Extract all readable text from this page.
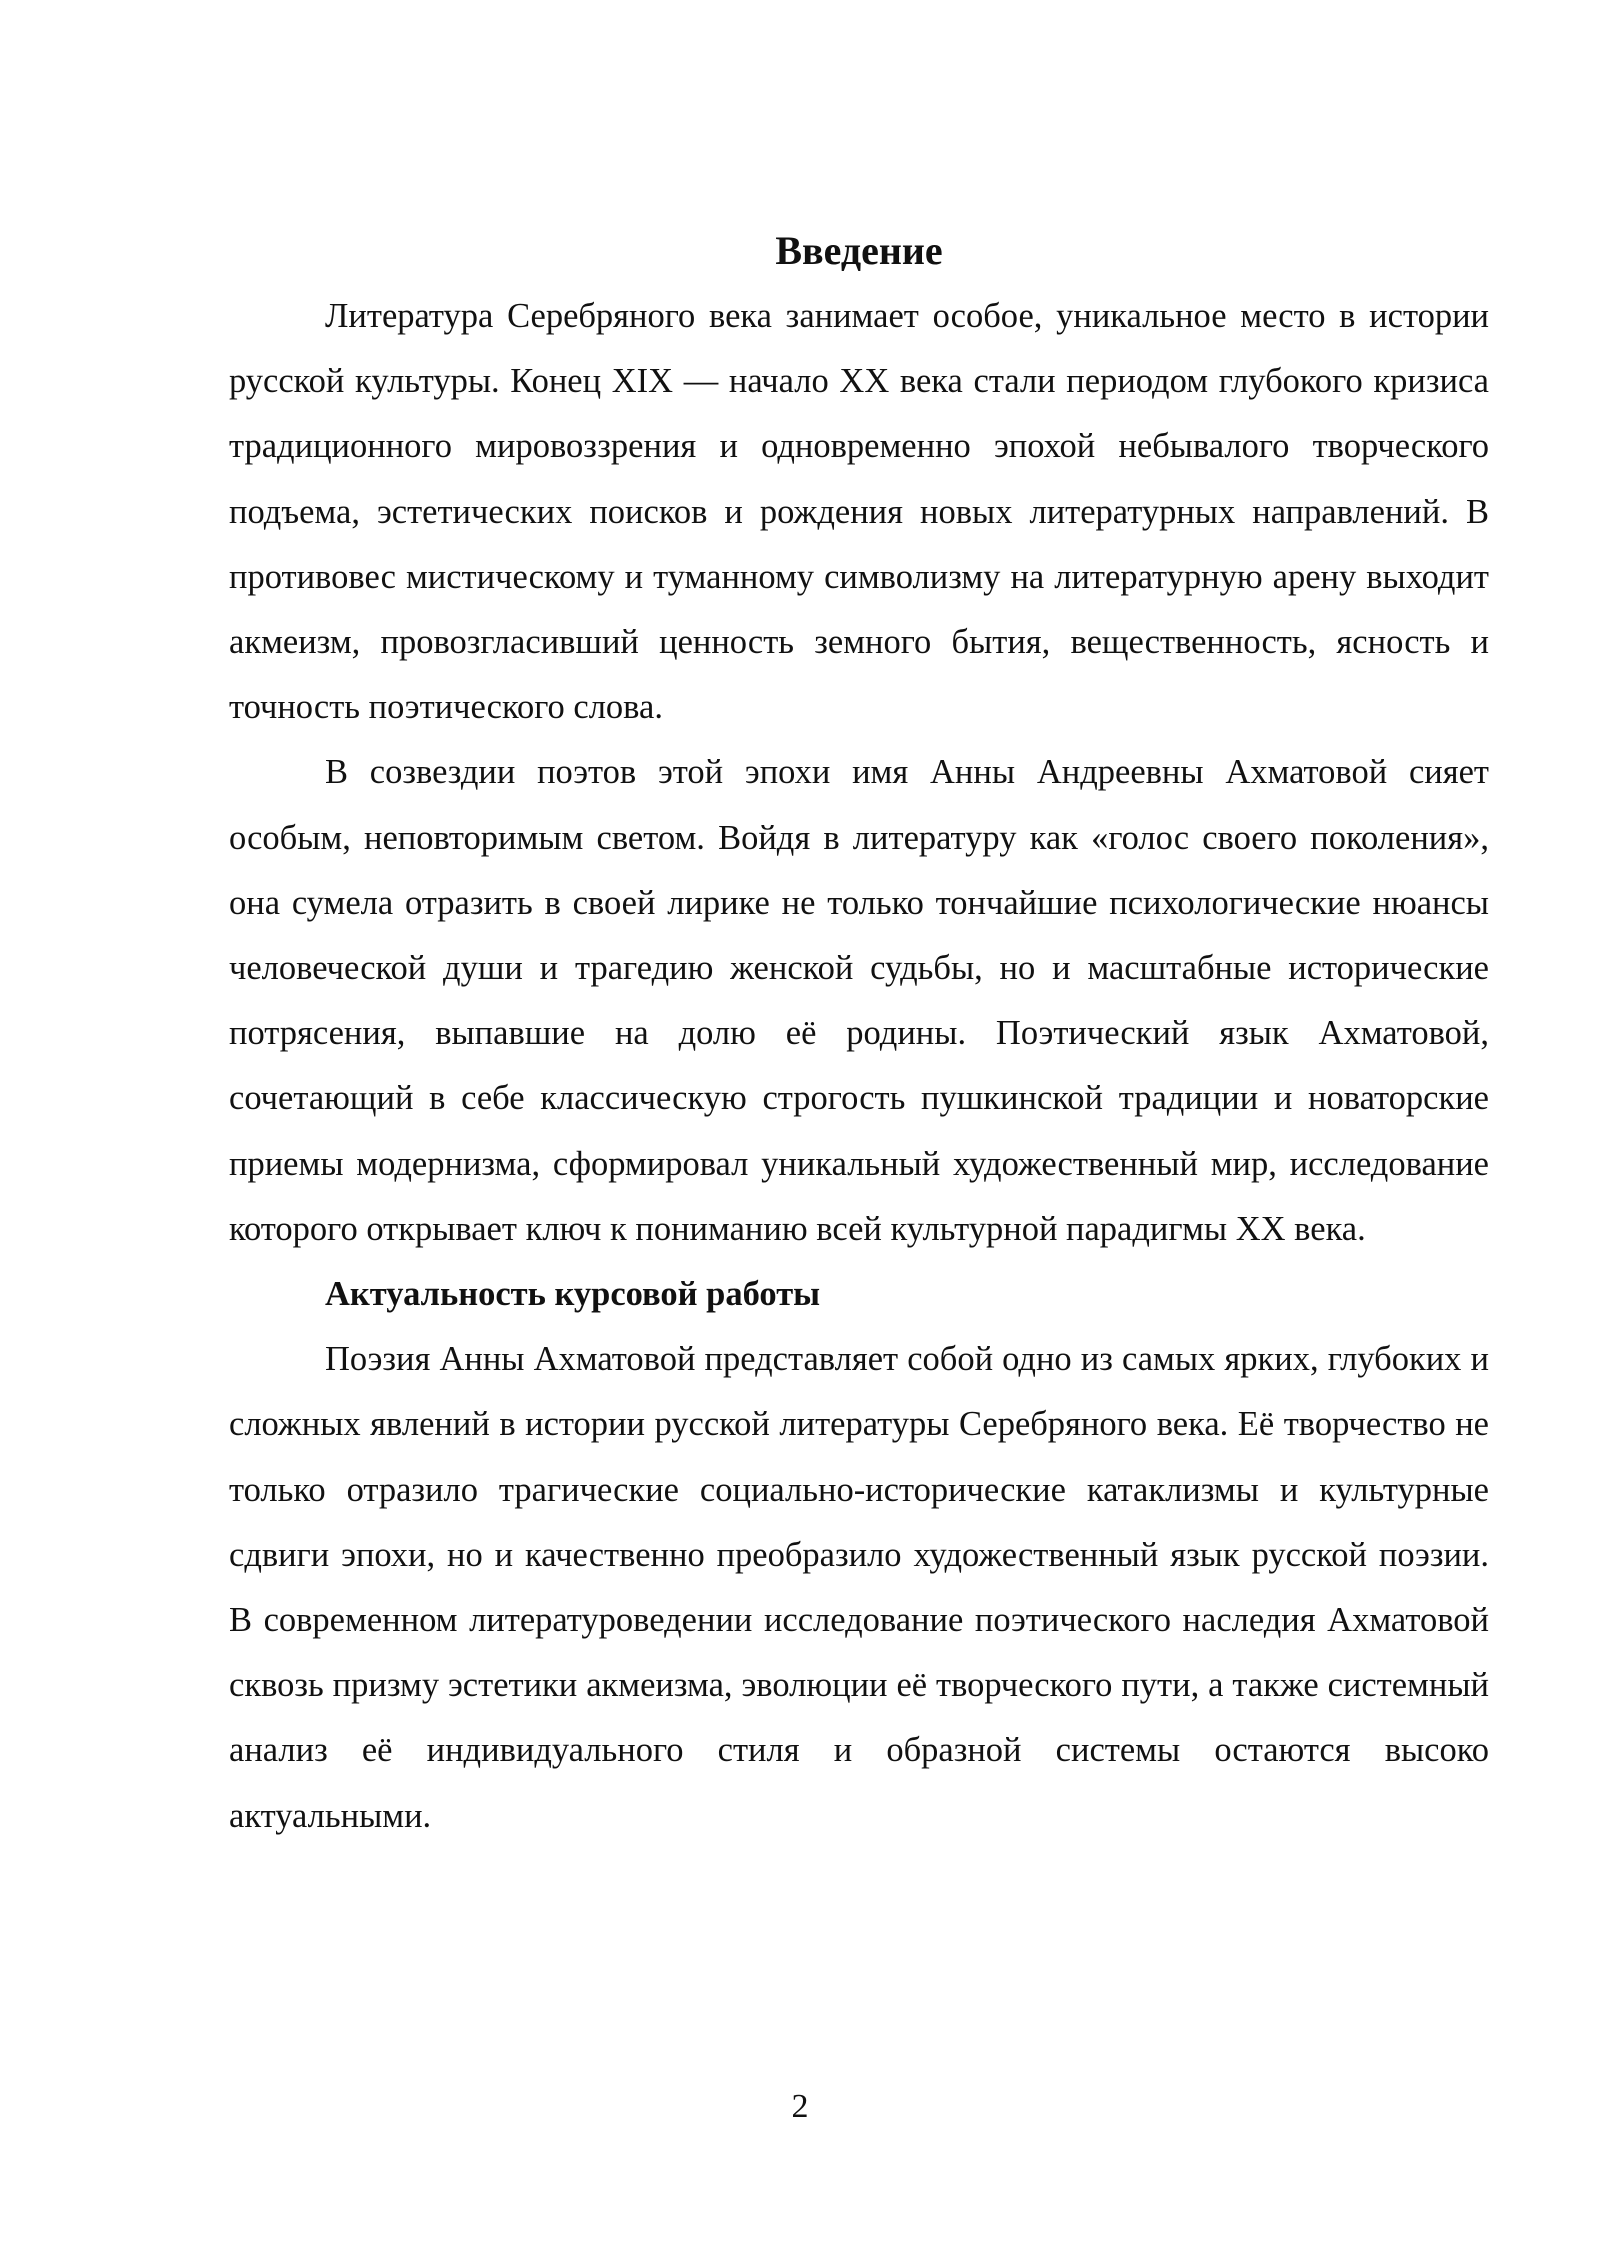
Введение

Литература Серебряного века занимает особое, уникальное место в истории русской культуры. Конец XIX — начало XX века стали периодом глубокого кризиса традиционного мировоззрения и одновременно эпохой небывалого творческого подъема, эстетических поисков и рождения новых литературных направлений. В противовес мистическому и туманному символизму на литературную арену выходит акмеизм, провозгласивший ценность земного бытия, вещественность, ясность и точность поэтического слова.

В созвездии поэтов этой эпохи имя Анны Андреевны Ахматовой сияет особым, неповторимым светом. Войдя в литературу как «голос своего поколения», она сумела отразить в своей лирике не только тончайшие психологические нюансы человеческой души и трагедию женской судьбы, но и масштабные исторические потрясения, выпавшие на долю её родины. Поэтический язык Ахматовой, сочетающий в себе классическую строгость пушкинской традиции и новаторские приемы модернизма, сформировал уникальный художественный мир, исследование которого открывает ключ к пониманию всей культурной парадигмы XX века.

Актуальность курсовой работы

Поэзия Анны Ахматовой представляет собой одно из самых ярких, глубоких и сложных явлений в истории русской литературы Серебряного века. Её творчество не только отразило трагические социально-исторические катаклизмы и культурные сдвиги эпохи, но и качественно преобразило художественный язык русской поэзии. В современном литературоведении исследование поэтического наследия Ахматовой сквозь призму эстетики акмеизма, эволюции её творческого пути, а также системный анализ её индивидуального стиля и образной системы остаются высоко актуальными.

2
